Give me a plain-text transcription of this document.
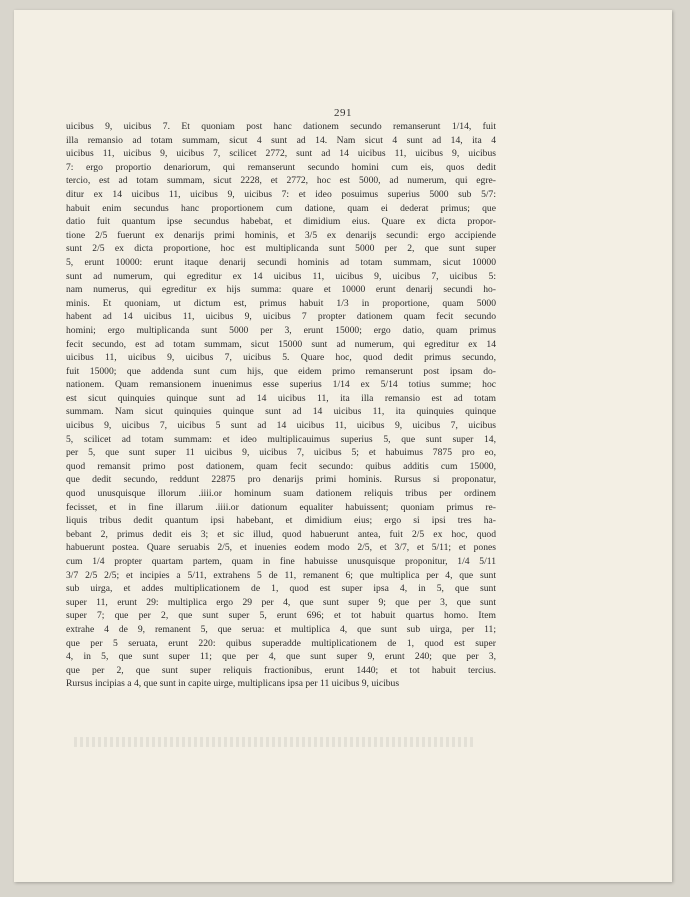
291
uicibus 9, uicibus 7. Et quoniam post hanc dationem secundo remanserunt 1/14, fuit
illa remansio ad totam summam, sicut 4 sunt ad 14. Nam sicut 4 sunt ad 14, ita 4
uicibus 11, uicibus 9, uicibus 7, scilicet 2772, sunt ad 14 uicibus 11, uicibus 9, uicibus
7: ergo proportio denariorum, qui remanserunt secundo homini cum eis, quos dedit
tercio, est ad totam summam, sicut 2228, et 2772, hoc est 5000, ad numerum, qui egre-
ditur ex 14 uicibus 11, uicibus 9, uicibus 7: et ideo posuimus superius 5000 sub 5/7:
habuit enim secundus hanc proportionem cum datione, quam ei dederat primus; que
datio fuit quantum ipse secundus habebat, et dimidium eius. Quare ex dicta propor-
tione 2/5 fuerunt ex denarijs primi hominis, et 3/5 ex denarijs secundi: ergo accipiende
sunt 2/5 ex dicta proportione, hoc est multiplicanda sunt 5000 per 2, que sunt super
5, erunt 10000: erunt itaque denarij secundi hominis ad totam summam, sicut 10000
sunt ad numerum, qui egreditur ex 14 uicibus 11, uicibus 9, uicibus 7, uicibus 5:
nam numerus, qui egreditur ex hijs summa: quare et 10000 erunt denarij secundi ho-
minis. Et quoniam, ut dictum est, primus habuit 1/3 in proportione, quam 5000
habent ad 14 uicibus 11, uicibus 9, uicibus 7 propter dationem quam fecit secundo
homini; ergo multiplicanda sunt 5000 per 3, erunt 15000; ergo datio, quam primus
fecit secundo, est ad totam summam, sicut 15000 sunt ad numerum, qui egreditur ex 14
uicibus 11, uicibus 9, uicibus 7, uicibus 5. Quare hoc, quod dedit primus secundo,
fuit 15000; que addenda sunt cum hijs, que eidem primo remanserunt post ipsam do-
nationem. Quam remansionem inuenimus esse superius 1/14 ex 5/14 totius summe; hoc
est sicut quinquies quinque sunt ad 14 uicibus 11, ita illa remansio est ad totam
summam. Nam sicut quinquies quinque sunt ad 14 uicibus 11, ita quinquies quinque
uicibus 9, uicibus 7, uicibus 5 sunt ad 14 uicibus 11, uicibus 9, uicibus 7, uicibus
5, scilicet ad totam summam: et ideo multiplicauimus superius 5, que sunt super 14,
per 5, que sunt super 11 uicibus 9, uicibus 7, uicibus 5; et habuimus 7875 pro eo,
quod remansit primo post dationem, quam fecit secundo: quibus additis cum 15000,
que dedit secundo, reddunt 22875 pro denarijs primi hominis. Rursus si proponatur,
quod unusquisque illorum .iiii.or hominum suam dationem reliquis tribus per ordinem
fecisset, et in fine illarum .iiii.or dationum equaliter habuissent; quoniam primus re-
liquis tribus dedit quantum ipsi habebant, et dimidium eius; ergo si ipsi tres ha-
bebant 2, primus dedit eis 3; et sic illud, quod habuerunt antea, fuit 2/5 ex hoc, quod
habuerunt postea. Quare seruabis 2/5, et inuenies eodem modo 2/5, et 3/7, et 5/11; et pones
cum 1/4 propter quartam partem, quam in fine habuisse unusquisque proponitur, 1/4 5/11
3/7 2/5 2/5; et incipies a 5/11, extrahens 5 de 11, remanent 6; que multiplica per 4, que sunt
sub uirga, et addes multiplicationem de 1, quod est super ipsa 4, in 5, que sunt
super 11, erunt 29: multiplica ergo 29 per 4, que sunt super 9; que per 3, que sunt
super 7; que per 2, que sunt super 5, erunt 696; et tot habuit quartus homo. Item
extrahe 4 de 9, remanent 5, que serua: et multiplica 4, que sunt sub uirga, per 11;
que per 5 seruata, erunt 220: quibus superadde multiplicationem de 1, quod est super
4, in 5, que sunt super 11; que per 4, que sunt super 9, erunt 240; que per 3,
que per 2, que sunt super reliquis fractionibus, erunt 1440; et tot habuit tercius.
Rursus incipias a 4, que sunt in capite uirge, multiplicans ipsa per 11 uicibus 9, uicibus
